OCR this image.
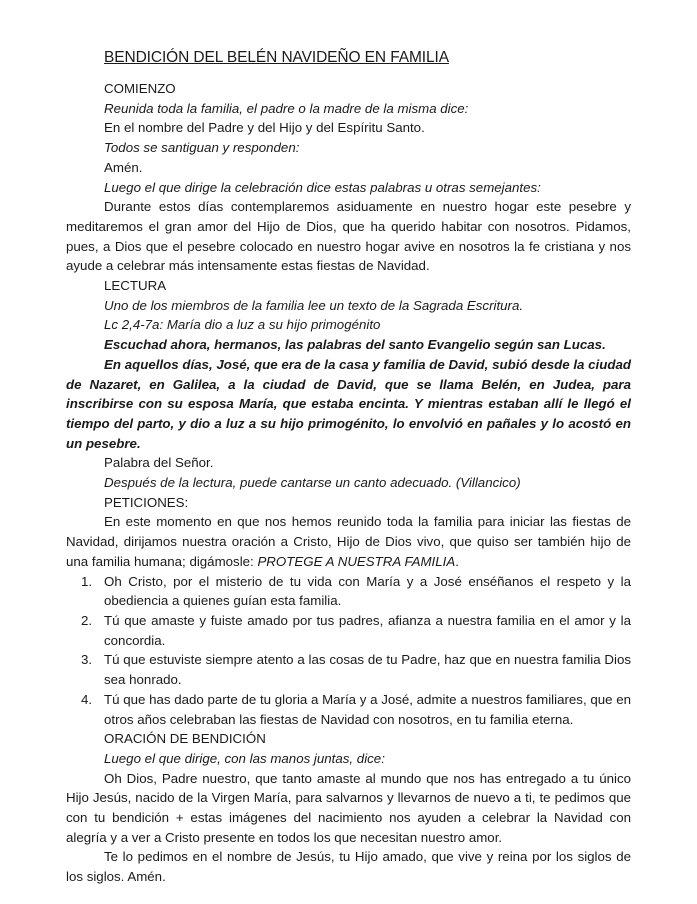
BENDICIÓN DEL BELÉN NAVIDEÑO EN FAMILIA

COMIENZO

Reunida toda la familia, el padre o la madre de la misma dice:

En el nombre del Padre y del Hijo y del Espíritu Santo.

Todos se santiguan y responden:

Amén.

Luego el que dirige la celebración dice estas palabras u otras semejantes:

Durante estos días contemplaremos asiduamente en nuestro hogar este pesebre y meditaremos el gran amor del Hijo de Dios, que ha querido habitar con nosotros. Pidamos, pues, a Dios que el pesebre colocado en nuestro hogar avive en nosotros la fe cristiana y nos ayude a celebrar más intensamente estas fiestas de Navidad.

LECTURA

Uno de los miembros de la familia lee un texto de la Sagrada Escritura.

Lc 2,4-7a: María dio a luz a su hijo primogénito

Escuchad ahora, hermanos, las palabras del santo Evangelio según san Lucas.

En aquellos días, José, que era de la casa y familia de David, subió desde la ciudad de Nazaret, en Galilea, a la ciudad de David, que se llama Belén, en Judea, para inscribirse con su esposa María, que estaba encinta. Y mientras estaban allí le llegó el tiempo del parto, y dio a luz a su hijo primogénito, lo envolvió en pañales y lo acostó en un pesebre.

Palabra del Señor.

Después de la lectura, puede cantarse un canto adecuado. (Villancico)

PETICIONES:

En este momento en que nos hemos reunido toda la familia para iniciar las fiestas de Navidad, dirijamos nuestra oración a Cristo, Hijo de Dios vivo, que quiso ser también hijo de una familia humana; digámosle: PROTEGE A NUESTRA FAMILIA.

1. Oh Cristo, por el misterio de tu vida con María y a José enséñanos el respeto y la obediencia a quienes guían esta familia.
2. Tú que amaste y fuiste amado por tus padres, afianza a nuestra familia en el amor y la concordia.
3. Tú que estuviste siempre atento a las cosas de tu Padre, haz que en nuestra familia Dios sea honrado.
4. Tú que has dado parte de tu gloria a María y a José, admite a nuestros familiares, que en otros años celebraban las fiestas de Navidad con nosotros, en tu familia eterna.

ORACIÓN DE BENDICIÓN

Luego el que dirige, con las manos juntas, dice:

Oh Dios, Padre nuestro, que tanto amaste al mundo que nos has entregado a tu único Hijo Jesús, nacido de la Virgen María, para salvarnos y llevarnos de nuevo a ti, te pedimos que con tu bendición + estas imágenes del nacimiento nos ayuden a celebrar la Navidad con alegría y a ver a Cristo presente en todos los que necesitan nuestro amor.

Te lo pedimos en el nombre de Jesús, tu Hijo amado, que vive y reina por los siglos de los siglos. Amén.
